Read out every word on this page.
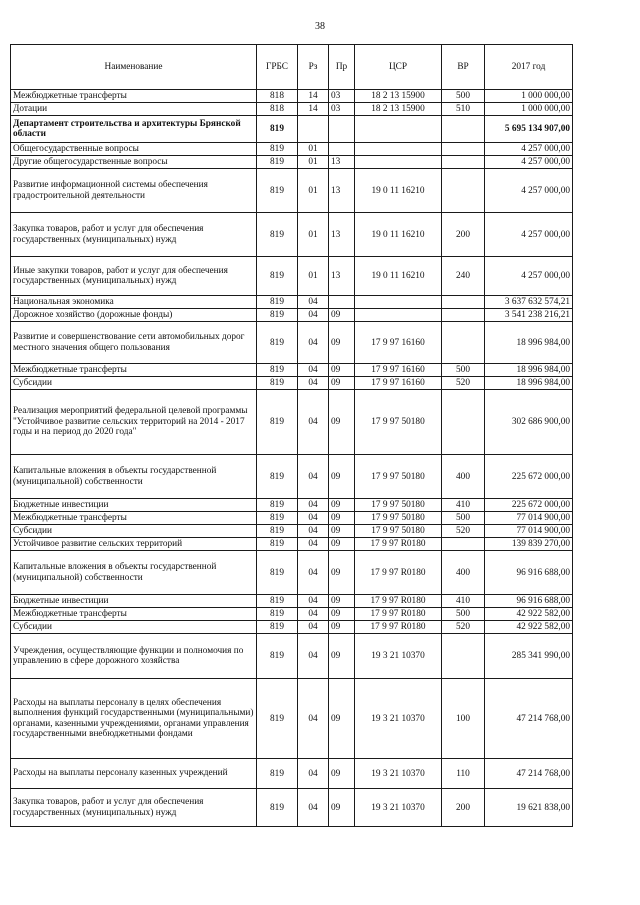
38
Наименование	ГРБС	Рз	Пр	ЦСР	ВР	2017 год
Межбюджетные трансферты	818	14	03	18 2 13 15900	500	1 000 000,00
Дотации	818	14	03	18 2 13 15900	510	1 000 000,00
Департамент строительства и архитектуры Брянской области	819					5 695 134 907,00
Общегосударственные вопросы	819	01				4 257 000,00
Другие общегосударственные вопросы	819	01	13			4 257 000,00
Развитие информационной системы обеспечения градостроительной деятельности	819	01	13	19 0 11 16210		4 257 000,00
Закупка товаров, работ и услуг для обеспечения государственных (муниципальных) нужд	819	01	13	19 0 11 16210	200	4 257 000,00
Иные закупки товаров, работ и услуг для обеспечения государственных (муниципальных) нужд	819	01	13	19 0 11 16210	240	4 257 000,00
Национальная экономика	819	04				3 637 632 574,21
Дорожное хозяйство (дорожные фонды)	819	04	09			3 541 238 216,21
Развитие и совершенствование сети автомобильных дорог местного значения общего пользования	819	04	09	17 9 97 16160		18 996 984,00
Межбюджетные трансферты	819	04	09	17 9 97 16160	500	18 996 984,00
Субсидии	819	04	09	17 9 97 16160	520	18 996 984,00
Реализация мероприятий федеральной целевой программы "Устойчивое развитие сельских территорий на 2014 - 2017 годы и на период до 2020 года"	819	04	09	17 9 97 50180		302 686 900,00
Капитальные вложения в объекты государственной (муниципальной) собственности	819	04	09	17 9 97 50180	400	225 672 000,00
Бюджетные инвестиции	819	04	09	17 9 97 50180	410	225 672 000,00
Межбюджетные трансферты	819	04	09	17 9 97 50180	500	77 014 900,00
Субсидии	819	04	09	17 9 97 50180	520	77 014 900,00
Устойчивое развитие сельских территорий	819	04	09	17 9 97 R0180		139 839 270,00
Капитальные вложения в объекты государственной (муниципальной) собственности	819	04	09	17 9 97 R0180	400	96 916 688,00
Бюджетные инвестиции	819	04	09	17 9 97 R0180	410	96 916 688,00
Межбюджетные трансферты	819	04	09	17 9 97 R0180	500	42 922 582,00
Субсидии	819	04	09	17 9 97 R0180	520	42 922 582,00
Учреждения, осуществляющие функции и полномочия по управлению в сфере дорожного хозяйства	819	04	09	19 3 21 10370		285 341 990,00
Расходы на выплаты персоналу в целях обеспечения выполнения функций государственными (муниципальными) органами, казенными учреждениями, органами управления государственными внебюджетными фондами	819	04	09	19 3 21 10370	100	47 214 768,00
Расходы на выплаты персоналу казенных учреждений	819	04	09	19 3 21 10370	110	47 214 768,00
Закупка товаров, работ и услуг для обеспечения государственных (муниципальных) нужд	819	04	09	19 3 21 10370	200	19 621 838,00
